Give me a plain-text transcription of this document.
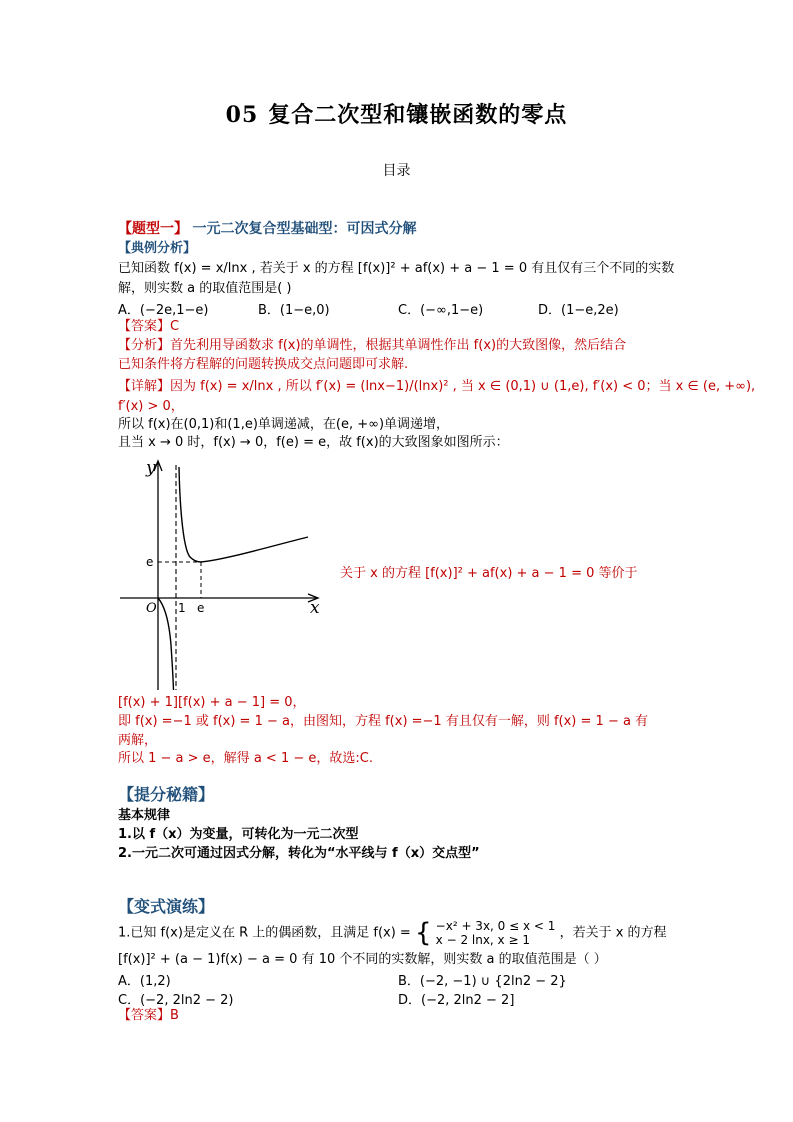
05 复合二次型和镶嵌函数的零点
目录
【题型一】 一元二次复合型基础型：可因式分解
【典例分析】
已知函数 f(x) = x/lnx , 若关于 x 的方程 [f(x)]² + af(x) + a − 1 = 0 有且仅有三个不同的实数
解，则实数 a 的取值范围是( )
A．(−2e,1−e)	B．(1−e,0)	C．(−∞,1−e)	D．(1−e,2e)
【答案】C
【分析】首先利用导函数求 f(x)的单调性，根据其单调性作出 f(x)的大致图像，然后结合
已知条件将方程解的问题转换成交点问题即可求解.
【详解】因为 f(x) = x/lnx , 所以 f′(x) = (lnx−1)/(lnx)² , 当 x ∈ (0,1) ∪ (1,e), f′(x) < 0；当 x ∈ (e, +∞),
f′(x) > 0，
所以 f(x)在(0,1)和(1,e)单调递减，在(e, +∞)单调递增，
且当 x → 0 时，f(x) → 0，f(e) = e，故 f(x)的大致图象如图所示：
y
x
O 1 e
e
关于 x 的方程 [f(x)]² + af(x) + a − 1 = 0 等价于
[f(x) + 1][f(x) + a − 1] = 0，
即 f(x) =−1 或 f(x) = 1 − a，由图知，方程 f(x) =−1 有且仅有一解，则 f(x) = 1 − a 有
两解，
所以 1 − a > e，解得 a < 1 − e，故选:C.
【提分秘籍】
基本规律
1.以 f（x）为变量，可转化为一元二次型
2.一元二次可通过因式分解，转化为“水平线与 f（x）交点型”
【变式演练】
1.已知 f(x)是定义在 R 上的偶函数，且满足 f(x) = { −x² + 3x, 0 ≤ x < 1
x − 2 lnx, x ≥ 1 ，若关于 x 的方程
[f(x)]² + (a − 1)f(x) − a = 0 有 10 个不同的实数解，则实数 a 的取值范围是（ ）
A．(1,2)	B．(−2, −1) ∪ {2ln2 − 2}
C．(−2, 2ln2 − 2)	D．(−2, 2ln2 − 2]
【答案】B
